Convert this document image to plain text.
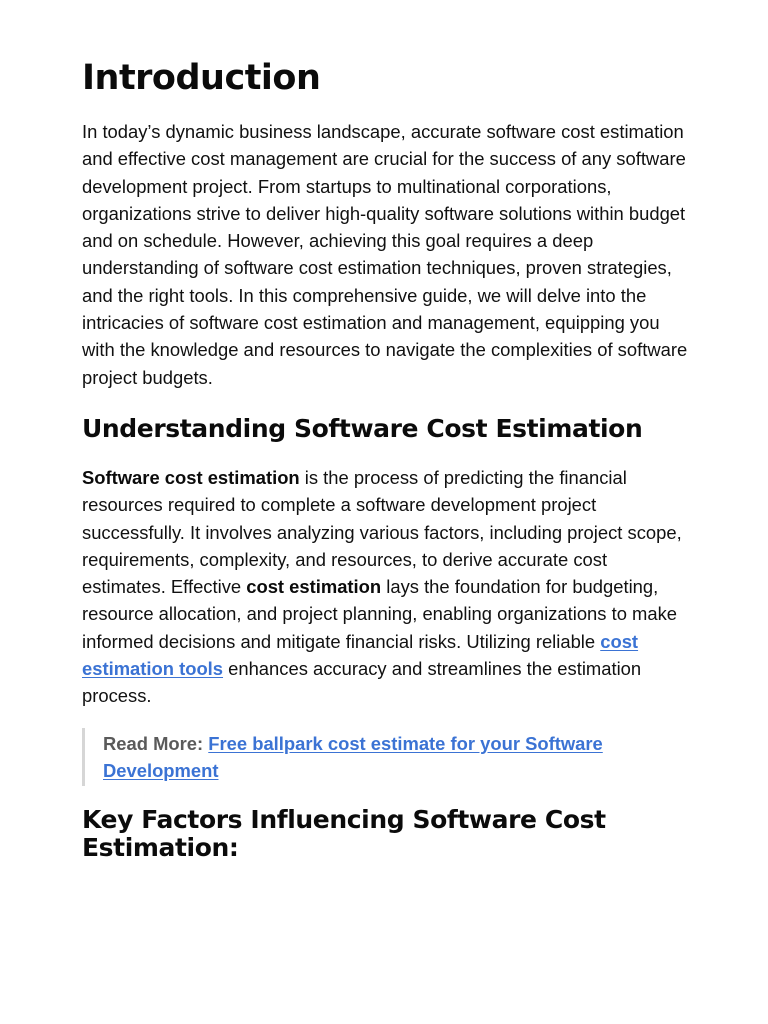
Introduction

In today’s dynamic business landscape, accurate software cost estimation and effective cost management are crucial for the success of any software development project. From startups to multinational corporations, organizations strive to deliver high-quality software solutions within budget and on schedule. However, achieving this goal requires a deep understanding of software cost estimation techniques, proven strategies, and the right tools. In this comprehensive guide, we will delve into the intricacies of software cost estimation and management, equipping you with the knowledge and resources to navigate the complexities of software project budgets.

Understanding Software Cost Estimation

Software cost estimation is the process of predicting the financial resources required to complete a software development project successfully. It involves analyzing various factors, including project scope, requirements, complexity, and resources, to derive accurate cost estimates. Effective cost estimation lays the foundation for budgeting, resource allocation, and project planning, enabling organizations to make informed decisions and mitigate financial risks. Utilizing reliable cost estimation tools enhances accuracy and streamlines the estimation process.

Read More: Free ballpark cost estimate for your Software Development
Key Factors Influencing Software Cost Estimation:
